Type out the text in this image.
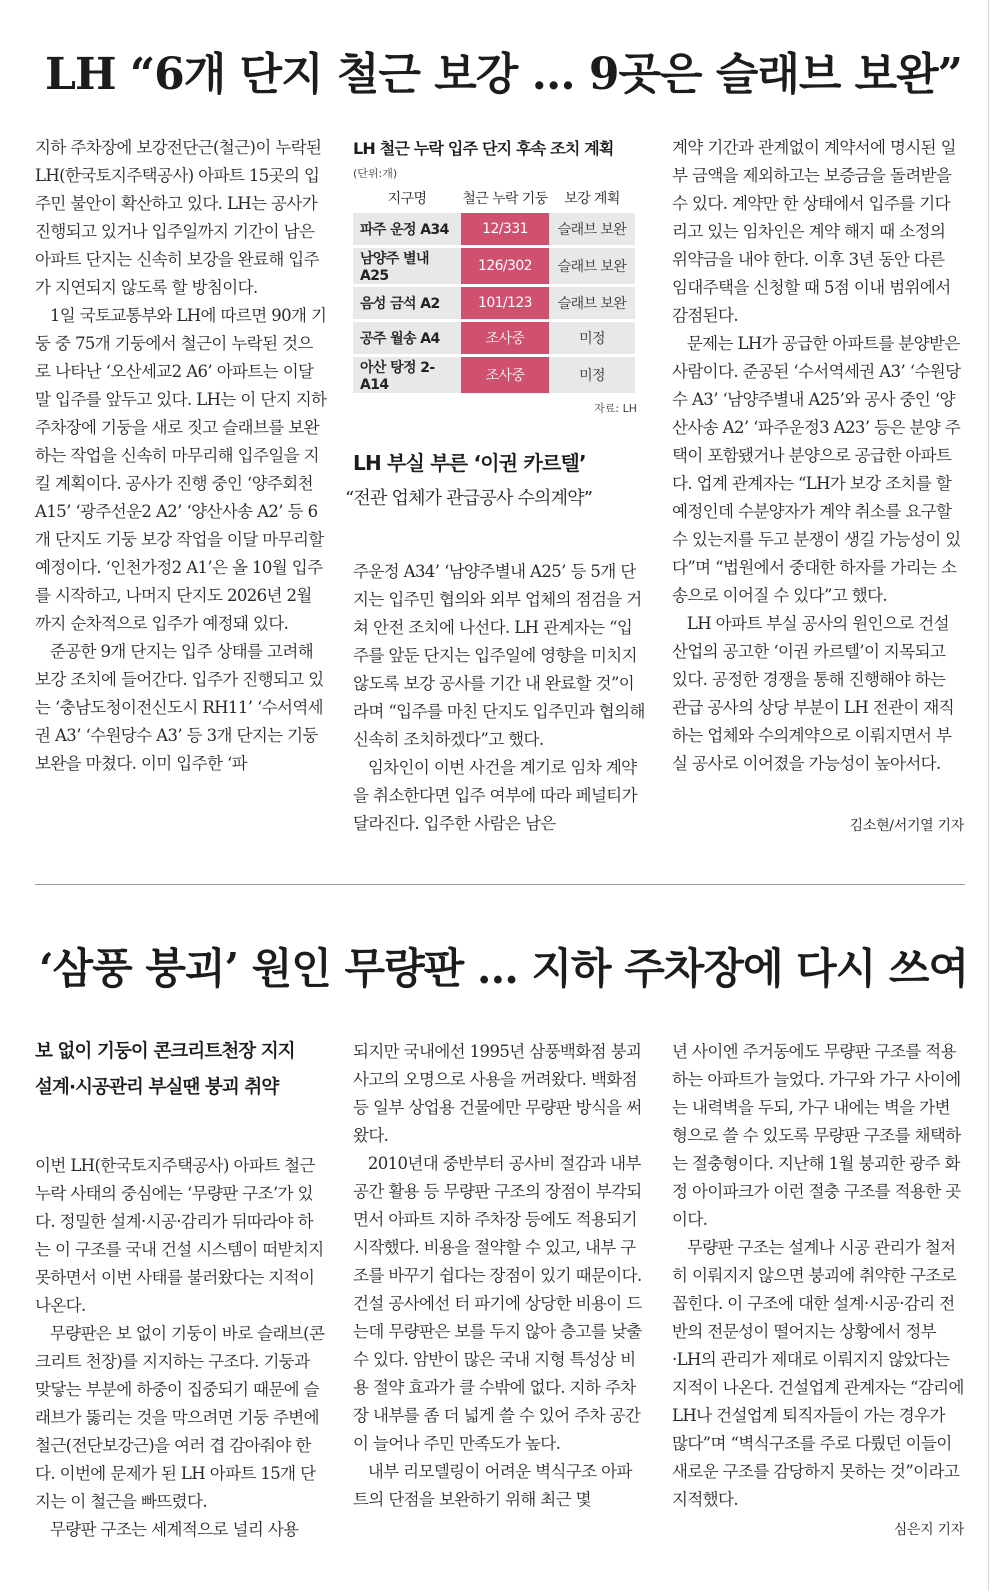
LH “6개 단지 철근 보강 … 9곳은 슬래브 보완”

지하 주차장에 보강전단근(철근)이 누락된 LH(한국토지주택공사) 아파트 15곳의 입주민 불안이 확산하고 있다. LH는 공사가 진행되고 있거나 입주일까지 기간이 남은 아파트 단지는 신속히 보강을 완료해 입주가 지연되지 않도록 할 방침이다.

1일 국토교통부와 LH에 따르면 90개 기둥 중 75개 기둥에서 철근이 누락된 것으로 나타난 ‘오산세교2 A6’ 아파트는 이달 말 입주를 앞두고 있다. LH는 이 단지 지하 주차장에 기둥을 새로 짓고 슬래브를 보완하는 작업을 신속히 마무리해 입주일을 지킬 계획이다. 공사가 진행 중인 ‘양주회천 A15’ ‘광주선운2 A2’ ‘양산사송 A2’ 등 6개 단지도 기둥 보강 작업을 이달 마무리할 예정이다. ‘인천가정2 A1’은 올 10월 입주를 시작하고, 나머지 단지도 2026년 2월까지 순차적으로 입주가 예정돼 있다.

준공한 9개 단지는 입주 상태를 고려해 보강 조치에 들어간다. 입주가 진행되고 있는 ‘충남도청이전신도시 RH11’ ‘수서역세권 A3’ ‘수원당수 A3’ 등 3개 단지는 기둥 보완을 마쳤다. 이미 입주한 ‘파

LH 철근 누락 입주 단지 후속 조치 계획
(단위:개)
지구명	철근 누락 기둥	보강 계획
파주 운정 A34	12/331	슬래브 보완
남양주 별내 A25	126/302	슬래브 보완
음성 금석 A2	101/123	슬래브 보완
공주 월송 A4	조사중	미정
아산 탕정 2-A14	조사중	미정
자료: LH
LH 부실 부른 ‘이권 카르텔’
“전관 업체가 관급공사 수의계약”

주운정 A34’ ‘남양주별내 A25’ 등 5개 단지는 입주민 협의와 외부 업체의 점검을 거쳐 안전 조치에 나선다. LH 관계자는 “입주를 앞둔 단지는 입주일에 영향을 미치지 않도록 보강 공사를 기간 내 완료할 것”이라며 “입주를 마친 단지도 입주민과 협의해 신속히 조치하겠다”고 했다.

임차인이 이번 사건을 계기로 임차 계약을 취소한다면 입주 여부에 따라 페널티가 달라진다. 입주한 사람은 남은

계약 기간과 관계없이 계약서에 명시된 일부 금액을 제외하고는 보증금을 돌려받을 수 있다. 계약만 한 상태에서 입주를 기다리고 있는 임차인은 계약 해지 때 소정의 위약금을 내야 한다. 이후 3년 동안 다른 임대주택을 신청할 때 5점 이내 범위에서 감점된다.

문제는 LH가 공급한 아파트를 분양받은 사람이다. 준공된 ‘수서역세권 A3’ ‘수원당수 A3’ ‘남양주별내 A25’와 공사 중인 ‘양산사송 A2’ ‘파주운정3 A23’ 등은 분양 주택이 포함됐거나 분양으로 공급한 아파트다. 업계 관계자는 “LH가 보강 조치를 할 예정인데 수분양자가 계약 취소를 요구할 수 있는지를 두고 분쟁이 생길 가능성이 있다”며 “법원에서 중대한 하자를 가리는 소송으로 이어질 수 있다”고 했다.

LH 아파트 부실 공사의 원인으로 건설산업의 공고한 ‘이권 카르텔’이 지목되고 있다. 공정한 경쟁을 통해 진행해야 하는 관급 공사의 상당 부분이 LH 전관이 재직하는 업체와 수의계약으로 이뤄지면서 부실 공사로 이어졌을 가능성이 높아서다.

김소현/서기열 기자
‘삼풍 붕괴’ 원인 무량판 … 지하 주차장에 다시 쓰여
보 없이 기둥이 콘크리트천장 지지
설계·시공관리 부실땐 붕괴 취약

이번 LH(한국토지주택공사) 아파트 철근 누락 사태의 중심에는 ‘무량판 구조’가 있다. 정밀한 설계·시공·감리가 뒤따라야 하는 이 구조를 국내 건설 시스템이 떠받치지 못하면서 이번 사태를 불러왔다는 지적이 나온다.

무량판은 보 없이 기둥이 바로 슬래브(콘크리트 천장)를 지지하는 구조다. 기둥과 맞닿는 부분에 하중이 집중되기 때문에 슬래브가 뚫리는 것을 막으려면 기둥 주변에 철근(전단보강근)을 여러 겹 감아줘야 한다. 이번에 문제가 된 LH 아파트 15개 단지는 이 철근을 빠뜨렸다.

무량판 구조는 세계적으로 널리 사용

되지만 국내에선 1995년 삼풍백화점 붕괴 사고의 오명으로 사용을 꺼려왔다. 백화점 등 일부 상업용 건물에만 무량판 방식을 써왔다.

2010년대 중반부터 공사비 절감과 내부 공간 활용 등 무량판 구조의 장점이 부각되면서 아파트 지하 주차장 등에도 적용되기 시작했다. 비용을 절약할 수 있고, 내부 구조를 바꾸기 쉽다는 장점이 있기 때문이다. 건설 공사에선 터 파기에 상당한 비용이 드는데 무량판은 보를 두지 않아 층고를 낮출 수 있다. 암반이 많은 국내 지형 특성상 비용 절약 효과가 클 수밖에 없다. 지하 주차장 내부를 좀 더 넓게 쓸 수 있어 주차 공간이 늘어나 주민 만족도가 높다.

내부 리모델링이 어려운 벽식구조 아파트의 단점을 보완하기 위해 최근 몇

년 사이엔 주거동에도 무량판 구조를 적용하는 아파트가 늘었다. 가구와 가구 사이에는 내력벽을 두되, 가구 내에는 벽을 가변형으로 쓸 수 있도록 무량판 구조를 채택하는 절충형이다. 지난해 1월 붕괴한 광주 화정 아이파크가 이런 절충 구조를 적용한 곳이다.

무량판 구조는 설계나 시공 관리가 철저히 이뤄지지 않으면 붕괴에 취약한 구조로 꼽힌다. 이 구조에 대한 설계·시공·감리 전반의 전문성이 떨어지는 상황에서 정부·LH의 관리가 제대로 이뤄지지 않았다는 지적이 나온다. 건설업계 관계자는 “감리에 LH나 건설업계 퇴직자들이 가는 경우가 많다”며 “벽식구조를 주로 다뤘던 이들이 새로운 구조를 감당하지 못하는 것”이라고 지적했다.

심은지 기자
